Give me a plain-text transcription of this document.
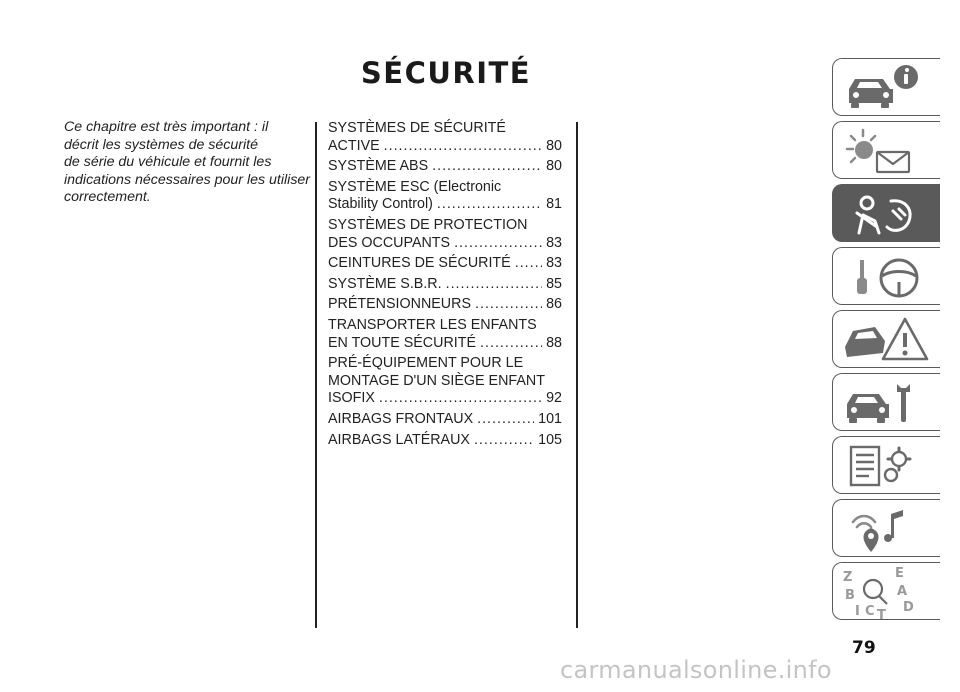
SÉCURITÉ
Ce chapitre est très important : il
décrit les systèmes de sécurité
de série du véhicule et fournit les
indications nécessaires pour les utiliser
correctement.
SYSTÈMES DE SÉCURITÉ
ACTIVE .....	80
SYSTÈME ABS .....	80
SYSTÈME ESC (Electronic
Stability Control) .....	81
SYSTÈMES DE PROTECTION
DES OCCUPANTS .....	83
CEINTURES DE SÉCURITÉ ..... 83
SYSTÈME S.B.R. .....	85
PRÉTENSIONNEURS .....	86
TRANSPORTER LES ENFANTS
EN TOUTE SÉCURITÉ .....	88
PRÉ-ÉQUIPEMENT POUR LE
MONTAGE D'UN SIÈGE ENFANT
ISOFIX .....	92
AIRBAGS FRONTAUX .....	101
AIRBAGS LATÉRAUX .....	105
Z	E
B	A
I C T
D
79
carmanualsonline.info
